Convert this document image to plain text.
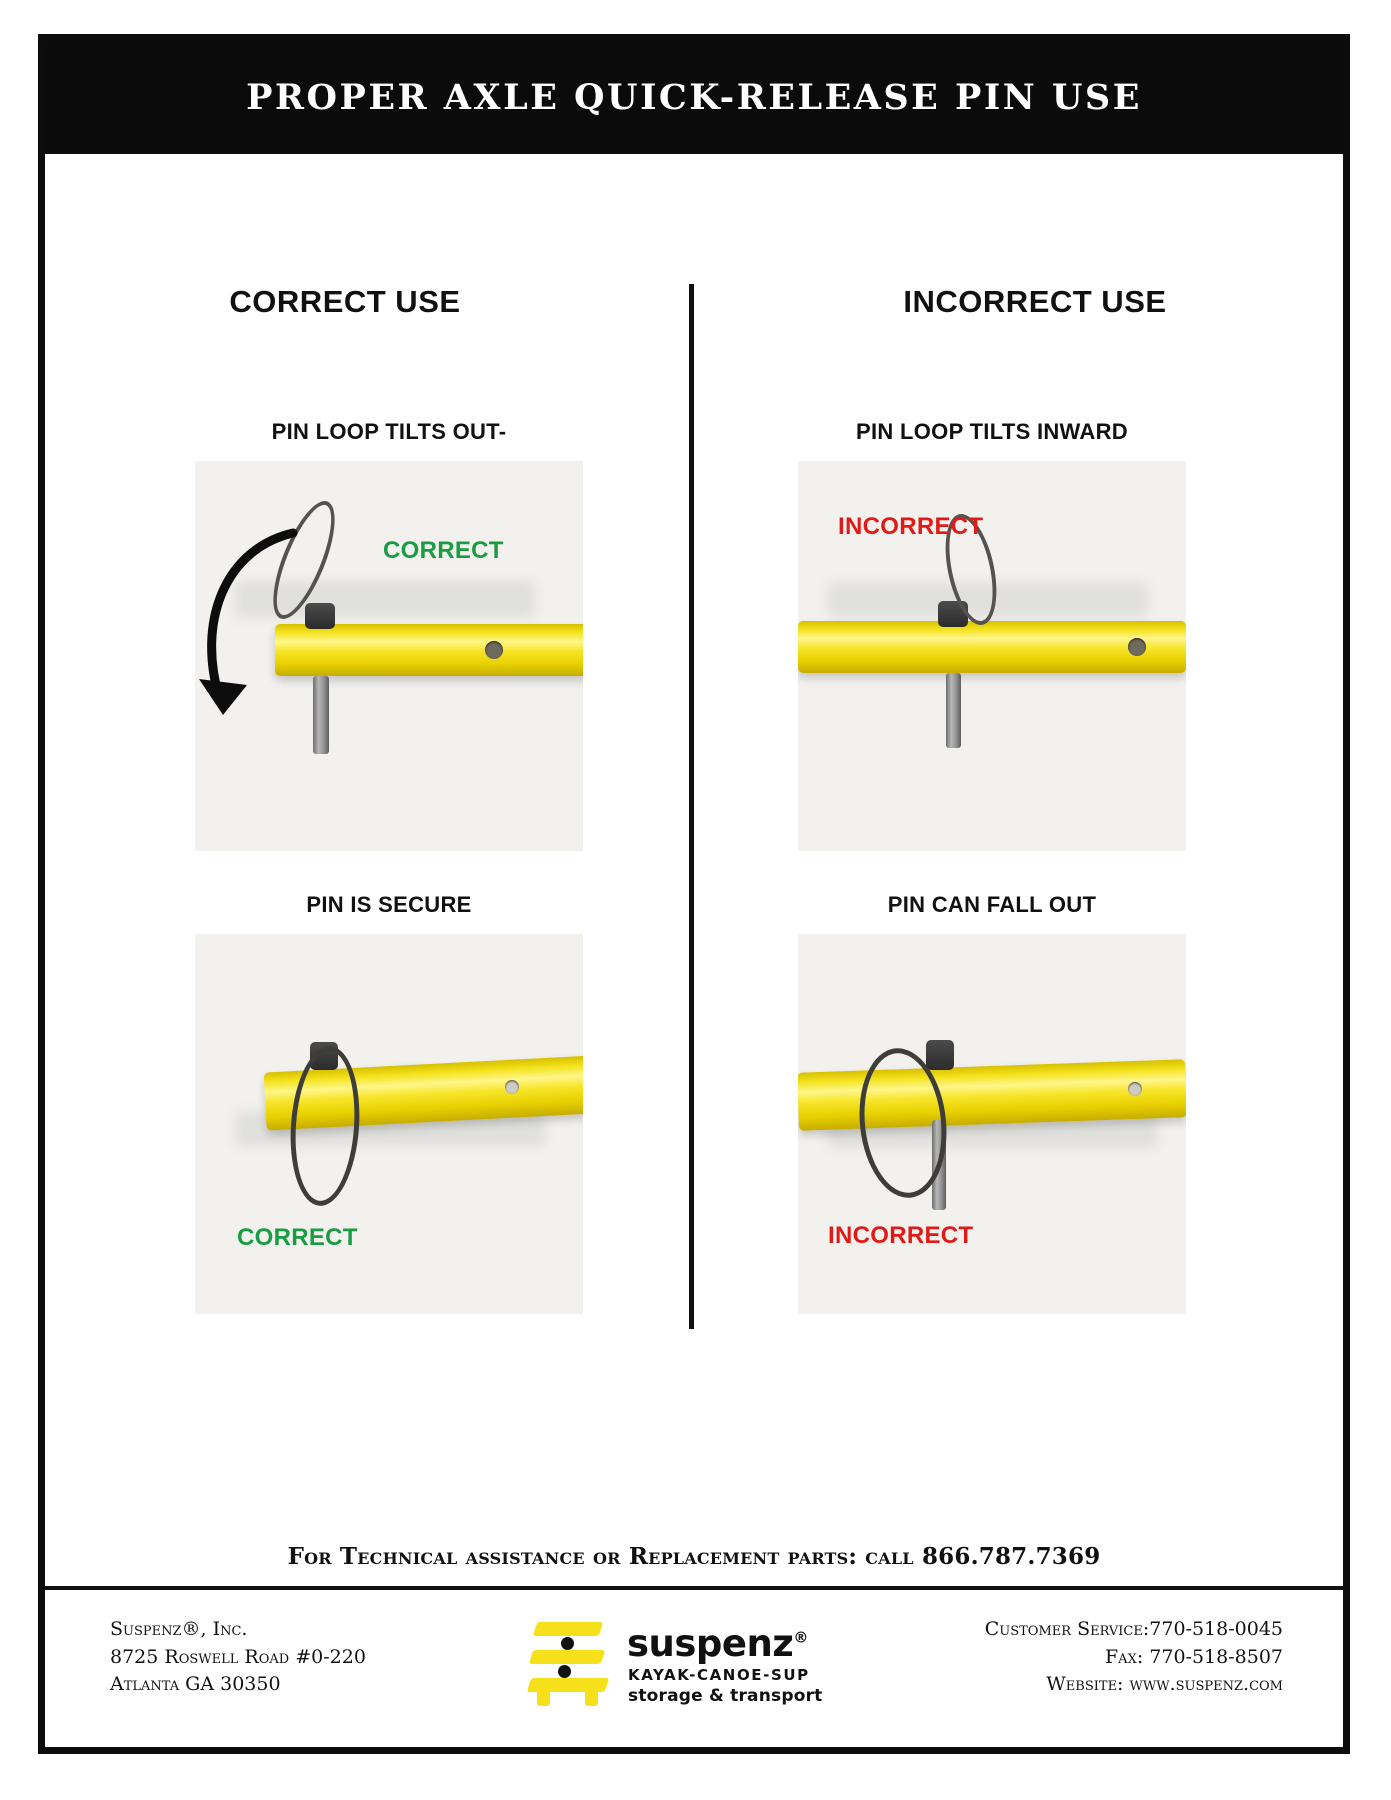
PROPER AXLE QUICK-RELEASE PIN USE
CORRECT USE	INCORRECT USE
PIN LOOP TILTS OUT-
CORRECT
PIN LOOP TILTS INWARD
INCORRECT
PIN IS SECURE
CORRECT
PIN CAN FALL OUT
INCORRECT
For Technical assistance or Replacement parts: call 866.787.7369
Suspenz®, Inc.
8725 Roswell Road #0-220
Atlanta GA 30350
suspenz®
KAYAK-CANOE-SUP
storage & transport
Customer Service:770-518-0045
Fax: 770-518-8507
Website: www.suspenz.com
